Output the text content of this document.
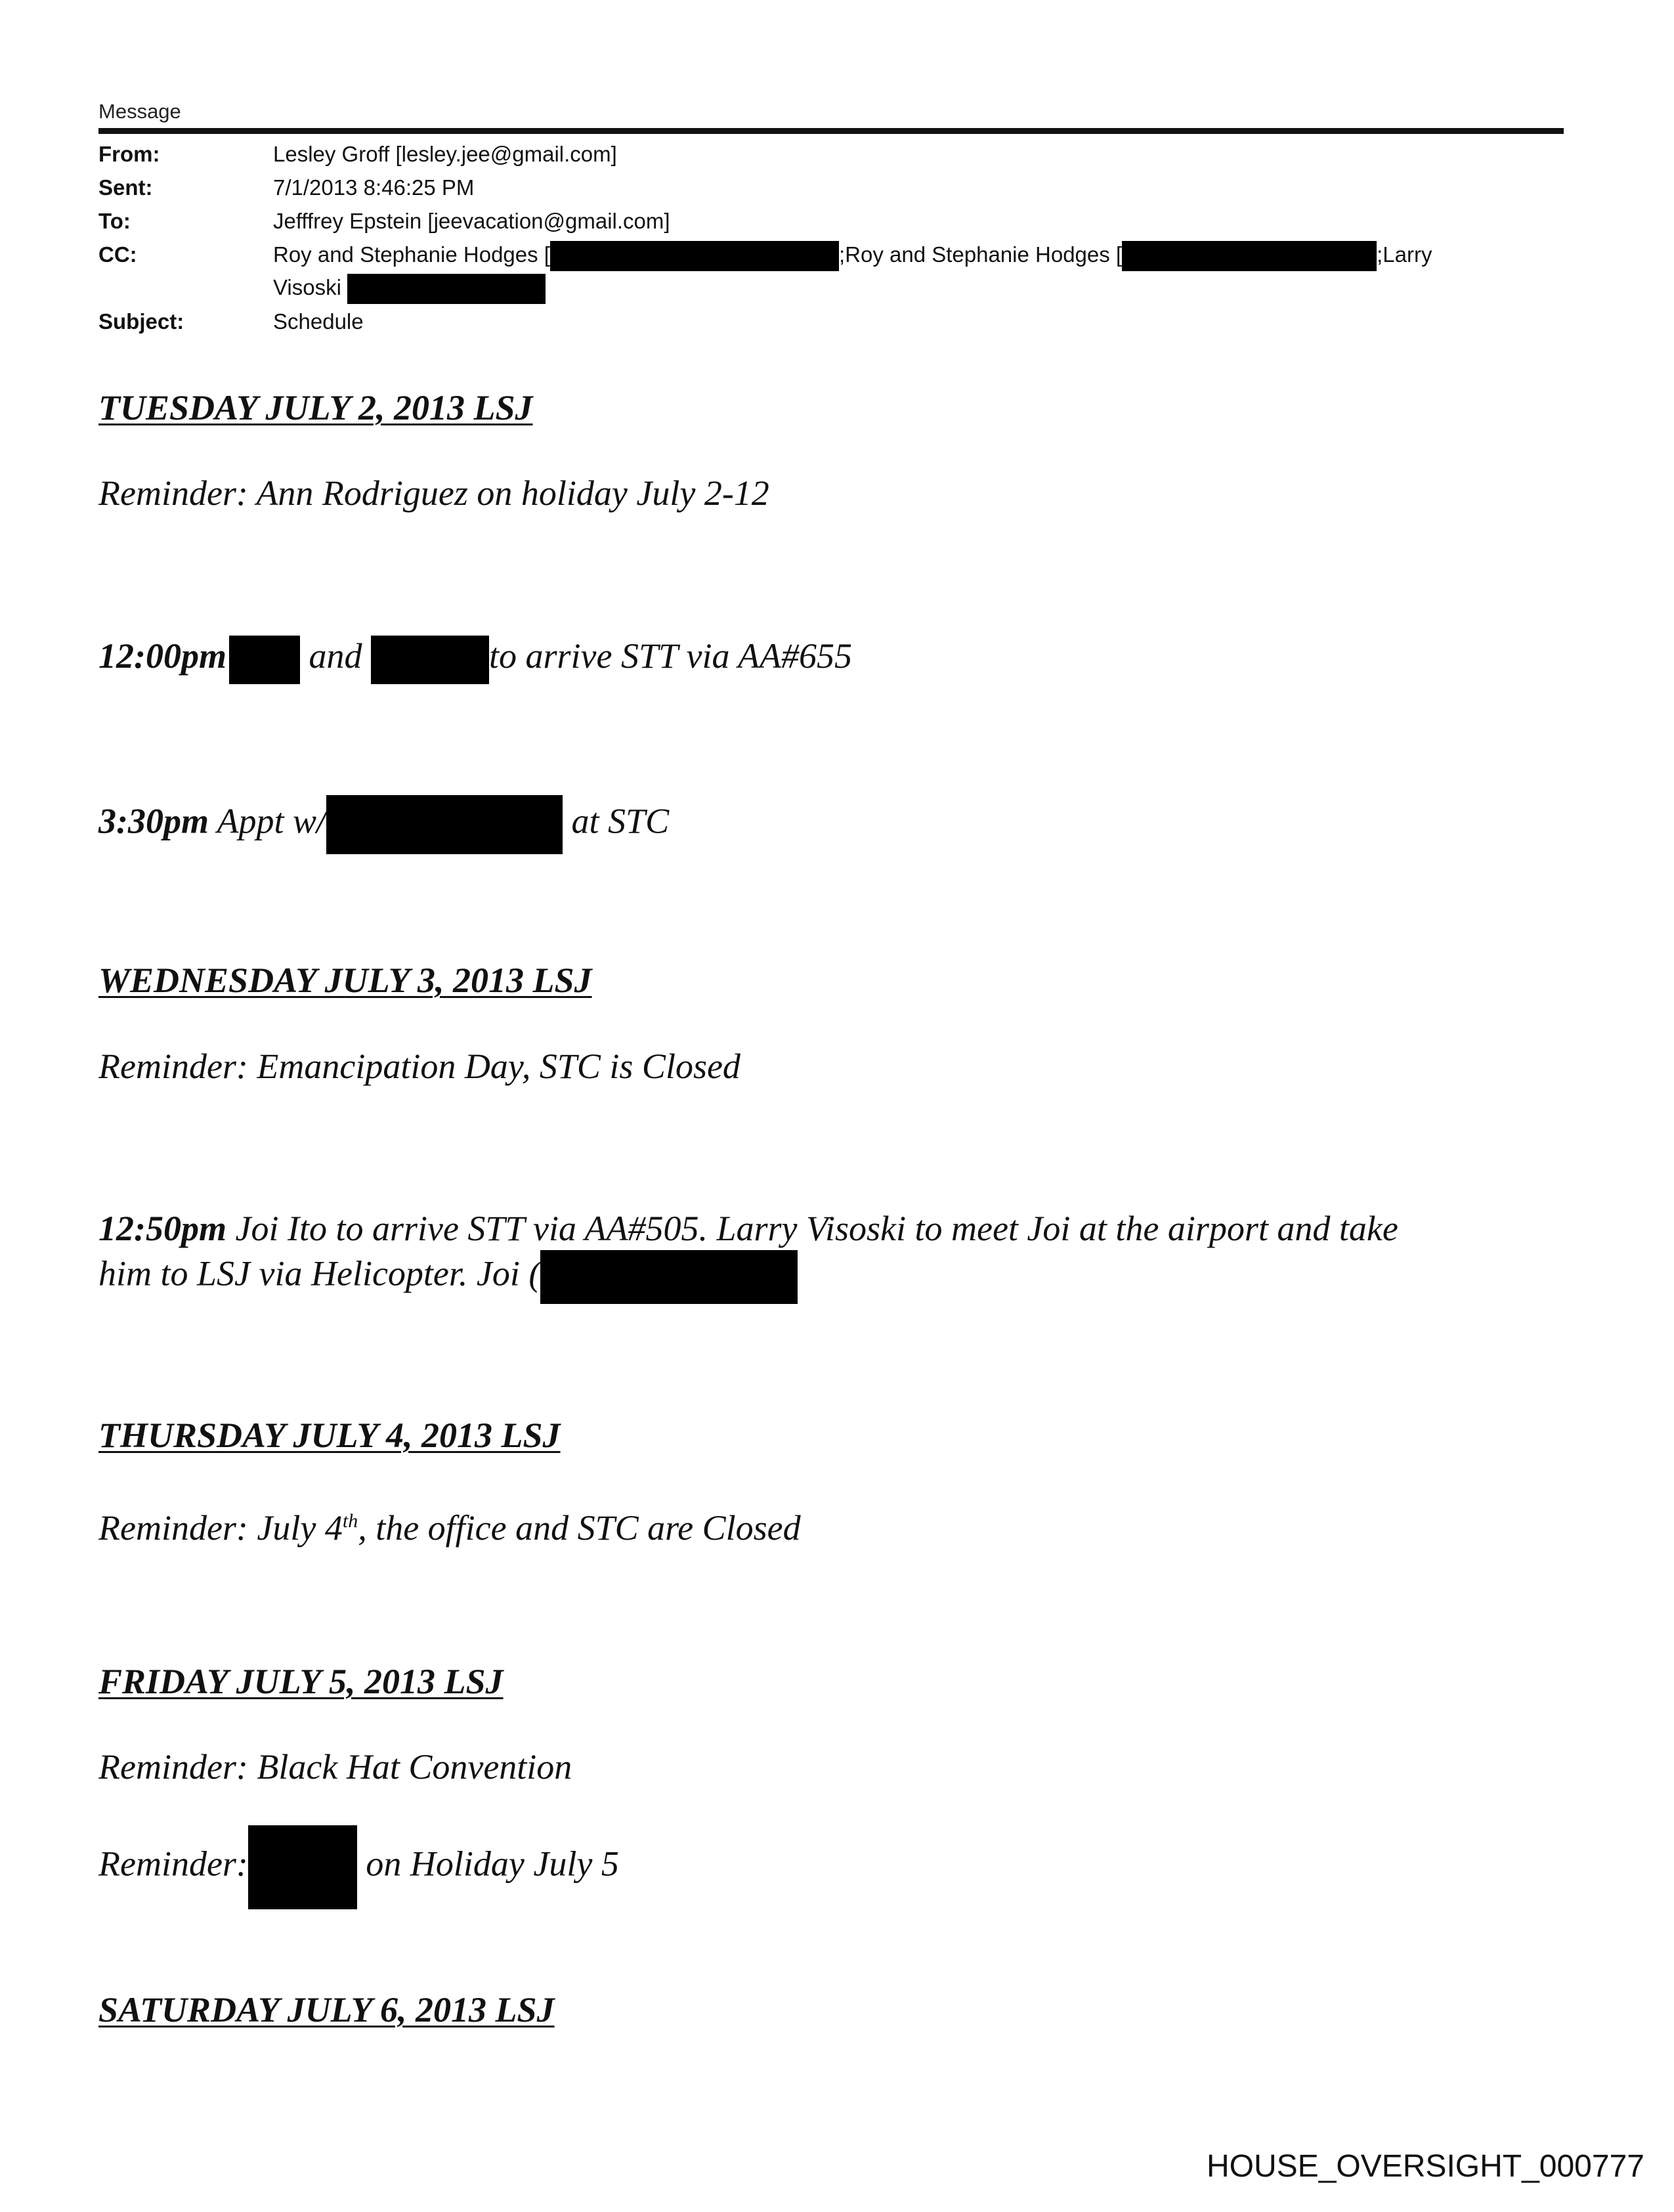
Message
From:	Lesley Groff [lesley.jee@gmail.com]
Sent:	7/1/2013 8:46:25 PM
To:	Jefffrey Epstein [jeevacation@gmail.com]
CC:	Roy and Stephanie Hodges [	;Roy and Stephanie Hodges [	;Larry
Visoski
Subject:	Schedule
TUESDAY JULY 2, 2013 LSJ
Reminder: Ann Rodriguez on holiday July 2-12
12:00pm and	to arrive STT via AA#655
3:30pm Appt w/	at STC
WEDNESDAY JULY 3, 2013 LSJ
Reminder: Emancipation Day, STC is Closed
12:50pm Joi Ito to arrive STT via AA#505. Larry Visoski to meet Joi at the airport and take
him to LSJ via Helicopter. Joi (
THURSDAY JULY 4, 2013 LSJ
Reminder: July 4th, the office and STC are Closed
FRIDAY JULY 5, 2013 LSJ
Reminder: Black Hat Convention
Reminder:	on Holiday July 5
SATURDAY JULY 6, 2013 LSJ
HOUSE_OVERSIGHT_000777
